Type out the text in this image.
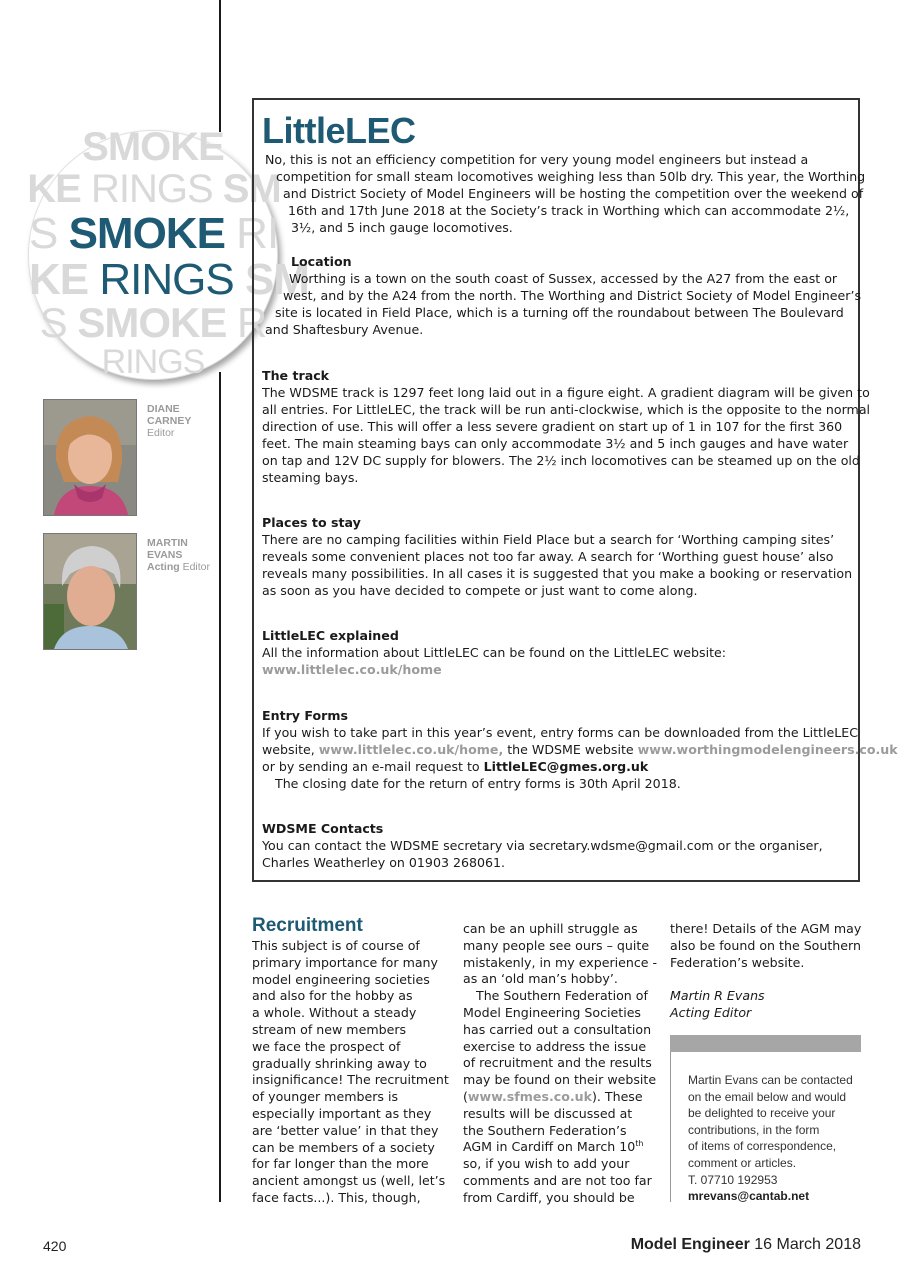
SMOKE
KE RINGS SM
S SMOKE RI
KE RINGS SM
S SMOKE R
RINGS
DIANE
CARNEY
Editor
MARTIN
EVANS
Acting Editor
LittleLEC
No, this is not an efficiency competition for very young model engineers but instead a
competition for small steam locomotives weighing less than 50lb dry. This year, the Worthing
and District Society of Model Engineers will be hosting the competition over the weekend of
16th and 17th June 2018 at the Society’s track in Worthing which can accommodate 2½,
3½, and 5 inch gauge locomotives.
Location
Worthing is a town on the south coast of Sussex, accessed by the A27 from the east or
west, and by the A24 from the north. The Worthing and District Society of Model Engineer’s
site is located in Field Place, which is a turning off the roundabout between The Boulevard
and Shaftesbury Avenue.
The track
The WDSME track is 1297 feet long laid out in a figure eight. A gradient diagram will be given to
all entries. For LittleLEC, the track will be run anti-clockwise, which is the opposite to the normal
direction of use. This will offer a less severe gradient on start up of 1 in 107 for the first 360
feet. The main steaming bays can only accommodate 3½ and 5 inch gauges and have water
on tap and 12V DC supply for blowers. The 2½ inch locomotives can be steamed up on the old
steaming bays.
Places to stay
There are no camping facilities within Field Place but a search for ‘Worthing camping sites’
reveals some convenient places not too far away. A search for ‘Worthing guest house’ also
reveals many possibilities. In all cases it is suggested that you make a booking or reservation
as soon as you have decided to compete or just want to come along.
LittleLEC explained
All the information about LittleLEC can be found on the LittleLEC website:
www.littlelec.co.uk/home
Entry Forms
If you wish to take part in this year’s event, entry forms can be downloaded from the LittleLEC
website, www.littlelec.co.uk/home, the WDSME website www.worthingmodelengineers.co.uk
or by sending an e-mail request to LittleLEC@gmes.org.uk
The closing date for the return of entry forms is 30th April 2018.
WDSME Contacts
You can contact the WDSME secretary via secretary.wdsme@gmail.com or the organiser,
Charles Weatherley on 01903 268061.
Recruitment
This subject is of course of
primary importance for many
model engineering societies
and also for the hobby as
a whole. Without a steady
stream of new members
we face the prospect of
gradually shrinking away to
insignificance! The recruitment
of younger members is
especially important as they
are ‘better value’ in that they
can be members of a society
for far longer than the more
ancient amongst us (well, let’s
face facts...). This, though,
can be an uphill struggle as
many people see ours – quite
mistakenly, in my experience -
as an ‘old man’s hobby’.
The Southern Federation of
Model Engineering Societies
has carried out a consultation
exercise to address the issue
of recruitment and the results
may be found on their website
(www.sfmes.co.uk). These
results will be discussed at
the Southern Federation’s
AGM in Cardiff on March 10th
so, if you wish to add your
comments and are not too far
from Cardiff, you should be
there! Details of the AGM may
also be found on the Southern
Federation’s website.
Martin R Evans
Acting Editor
Martin Evans can be contacted
on the email below and would
be delighted to receive your
contributions, in the form
of items of correspondence,
comment or articles.
T. 07710 192953
mrevans@cantab.net
420	Model Engineer 16 March 2018
